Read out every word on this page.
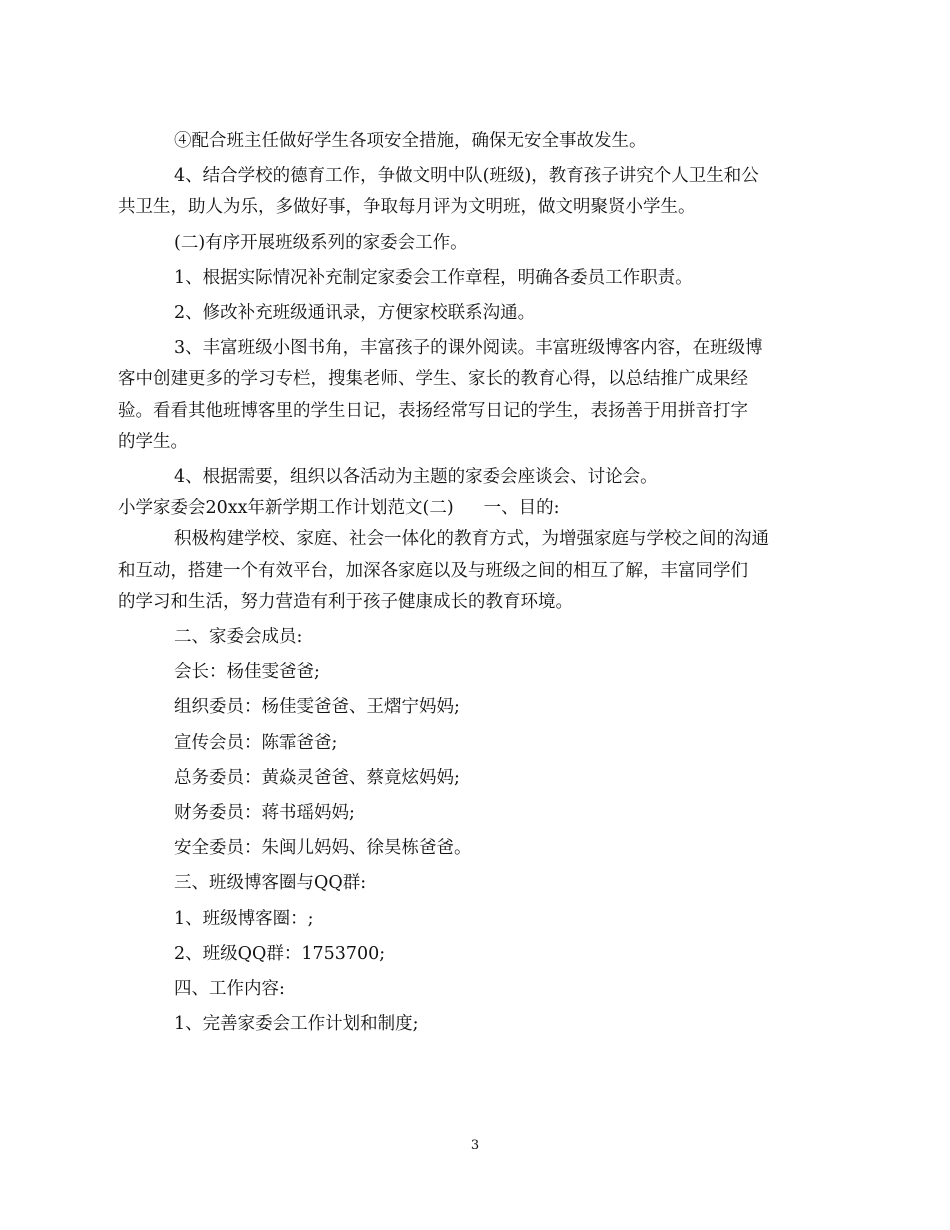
④配合班主任做好学生各项安全措施，确保无安全事故发生。

4、结合学校的德育工作，争做文明中队(班级)，教育孩子讲究个人卫生和公

共卫生，助人为乐，多做好事，争取每月评为文明班，做文明聚贤小学生。

(二)有序开展班级系列的家委会工作。

1、根据实际情况补充制定家委会工作章程，明确各委员工作职责。

2、修改补充班级通讯录，方便家校联系沟通。

3、丰富班级小图书角，丰富孩子的课外阅读。丰富班级博客内容，在班级博

客中创建更多的学习专栏，搜集老师、学生、家长的教育心得，以总结推广成果经

验。看看其他班博客里的学生日记，表扬经常写日记的学生，表扬善于用拼音打字

的学生。

4、根据需要，组织以各活动为主题的家委会座谈会、讨论会。

小学家委会20xx年新学期工作计划范文(二) 一、目的:

积极构建学校、家庭、社会一体化的教育方式，为增强家庭与学校之间的沟通

和互动，搭建一个有效平台，加深各家庭以及与班级之间的相互了解，丰富同学们

的学习和生活，努力营造有利于孩子健康成长的教育环境。

二、家委会成员:

会长：杨佳雯爸爸;

组织委员：杨佳雯爸爸、王熠宁妈妈;

宣传会员：陈霏爸爸;

总务委员：黄焱灵爸爸、蔡竟炫妈妈;

财务委员：蒋书瑶妈妈;

安全委员：朱闽儿妈妈、徐昊栋爸爸。

三、班级博客圈与QQ群:

1、班级博客圈：;

2、班级QQ群：1753700;

四、工作内容:

1、完善家委会工作计划和制度;

3
